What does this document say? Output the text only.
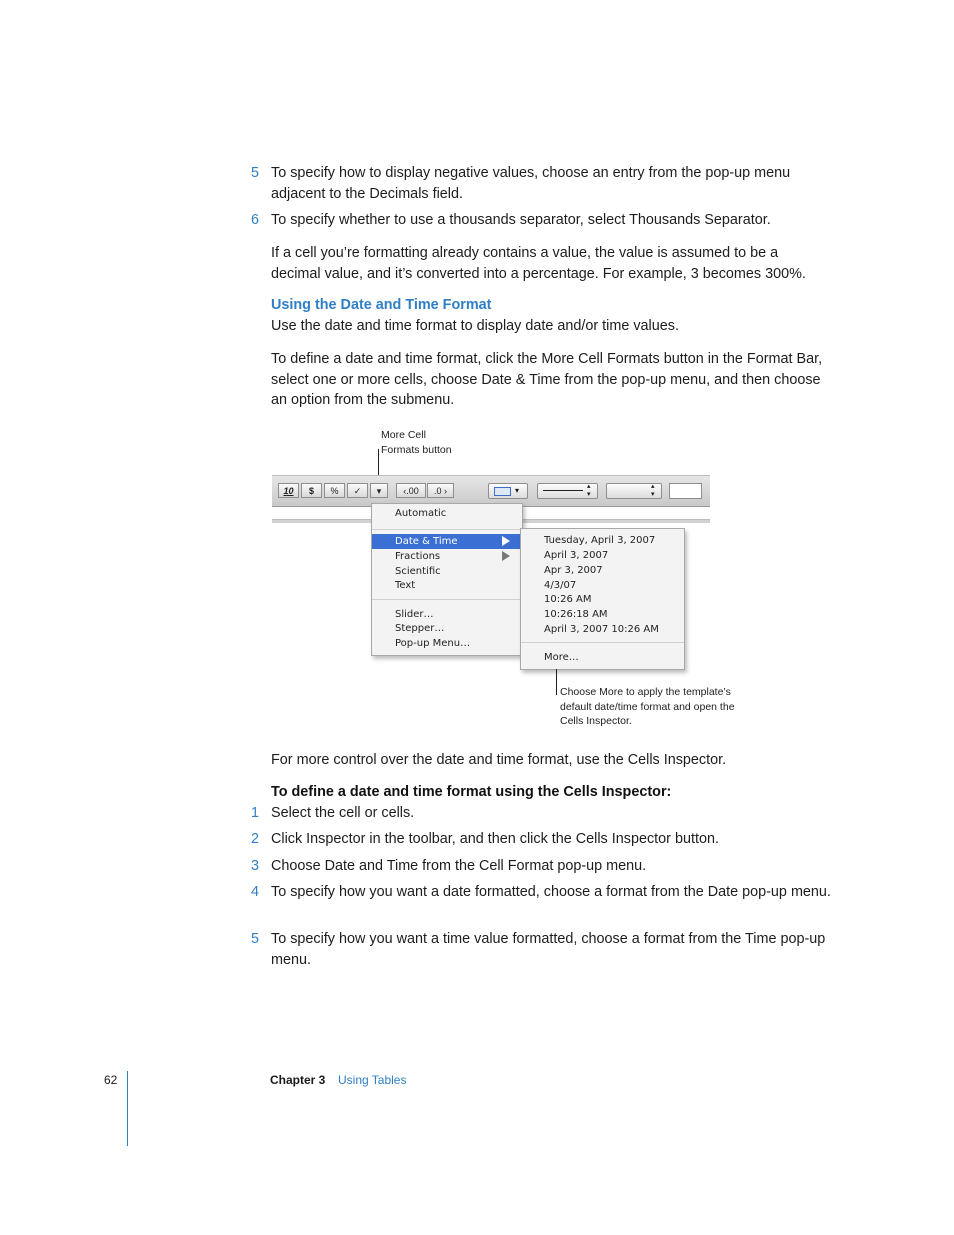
5 To specify how to display negative values, choose an entry from the pop-up menu adjacent to the Decimals field.
6 To specify whether to use a thousands separator, select Thousands Separator.
If a cell you’re formatting already contains a value, the value is assumed to be a decimal value, and it’s converted into a percentage. For example, 3 becomes 300%.
Using the Date and Time Format
Use the date and time format to display date and/or time values.
To define a date and time format, click the More Cell Formats button in the Format Bar, select one or more cells, choose Date & Time from the pop-up menu, and then choose an option from the submenu.
More Cell
Formats button
10	$	%	✓	▾	‹.00	.0 ›	▾	▴
▾
▴
▾
Automatic
Date & Time
Fractions
Scientific
Text
Slider…
Stepper…
Pop-up Menu…
Tuesday, April 3, 2007
April 3, 2007
Apr 3, 2007
4/3/07
10:26 AM
10:26:18 AM
April 3, 2007 10:26 AM
More…
Choose More to apply the template’s default date/time format and open the Cells Inspector.
For more control over the date and time format, use the Cells Inspector.
To define a date and time format using the Cells Inspector:
1 Select the cell or cells.
2 Click Inspector in the toolbar, and then click the Cells Inspector button.
3 Choose Date and Time from the Cell Format pop-up menu.
4 To specify how you want a date formatted, choose a format from the Date pop-up menu.
5 To specify how you want a time value formatted, choose a format from the Time pop-up menu.
62	Chapter 3 Using Tables
